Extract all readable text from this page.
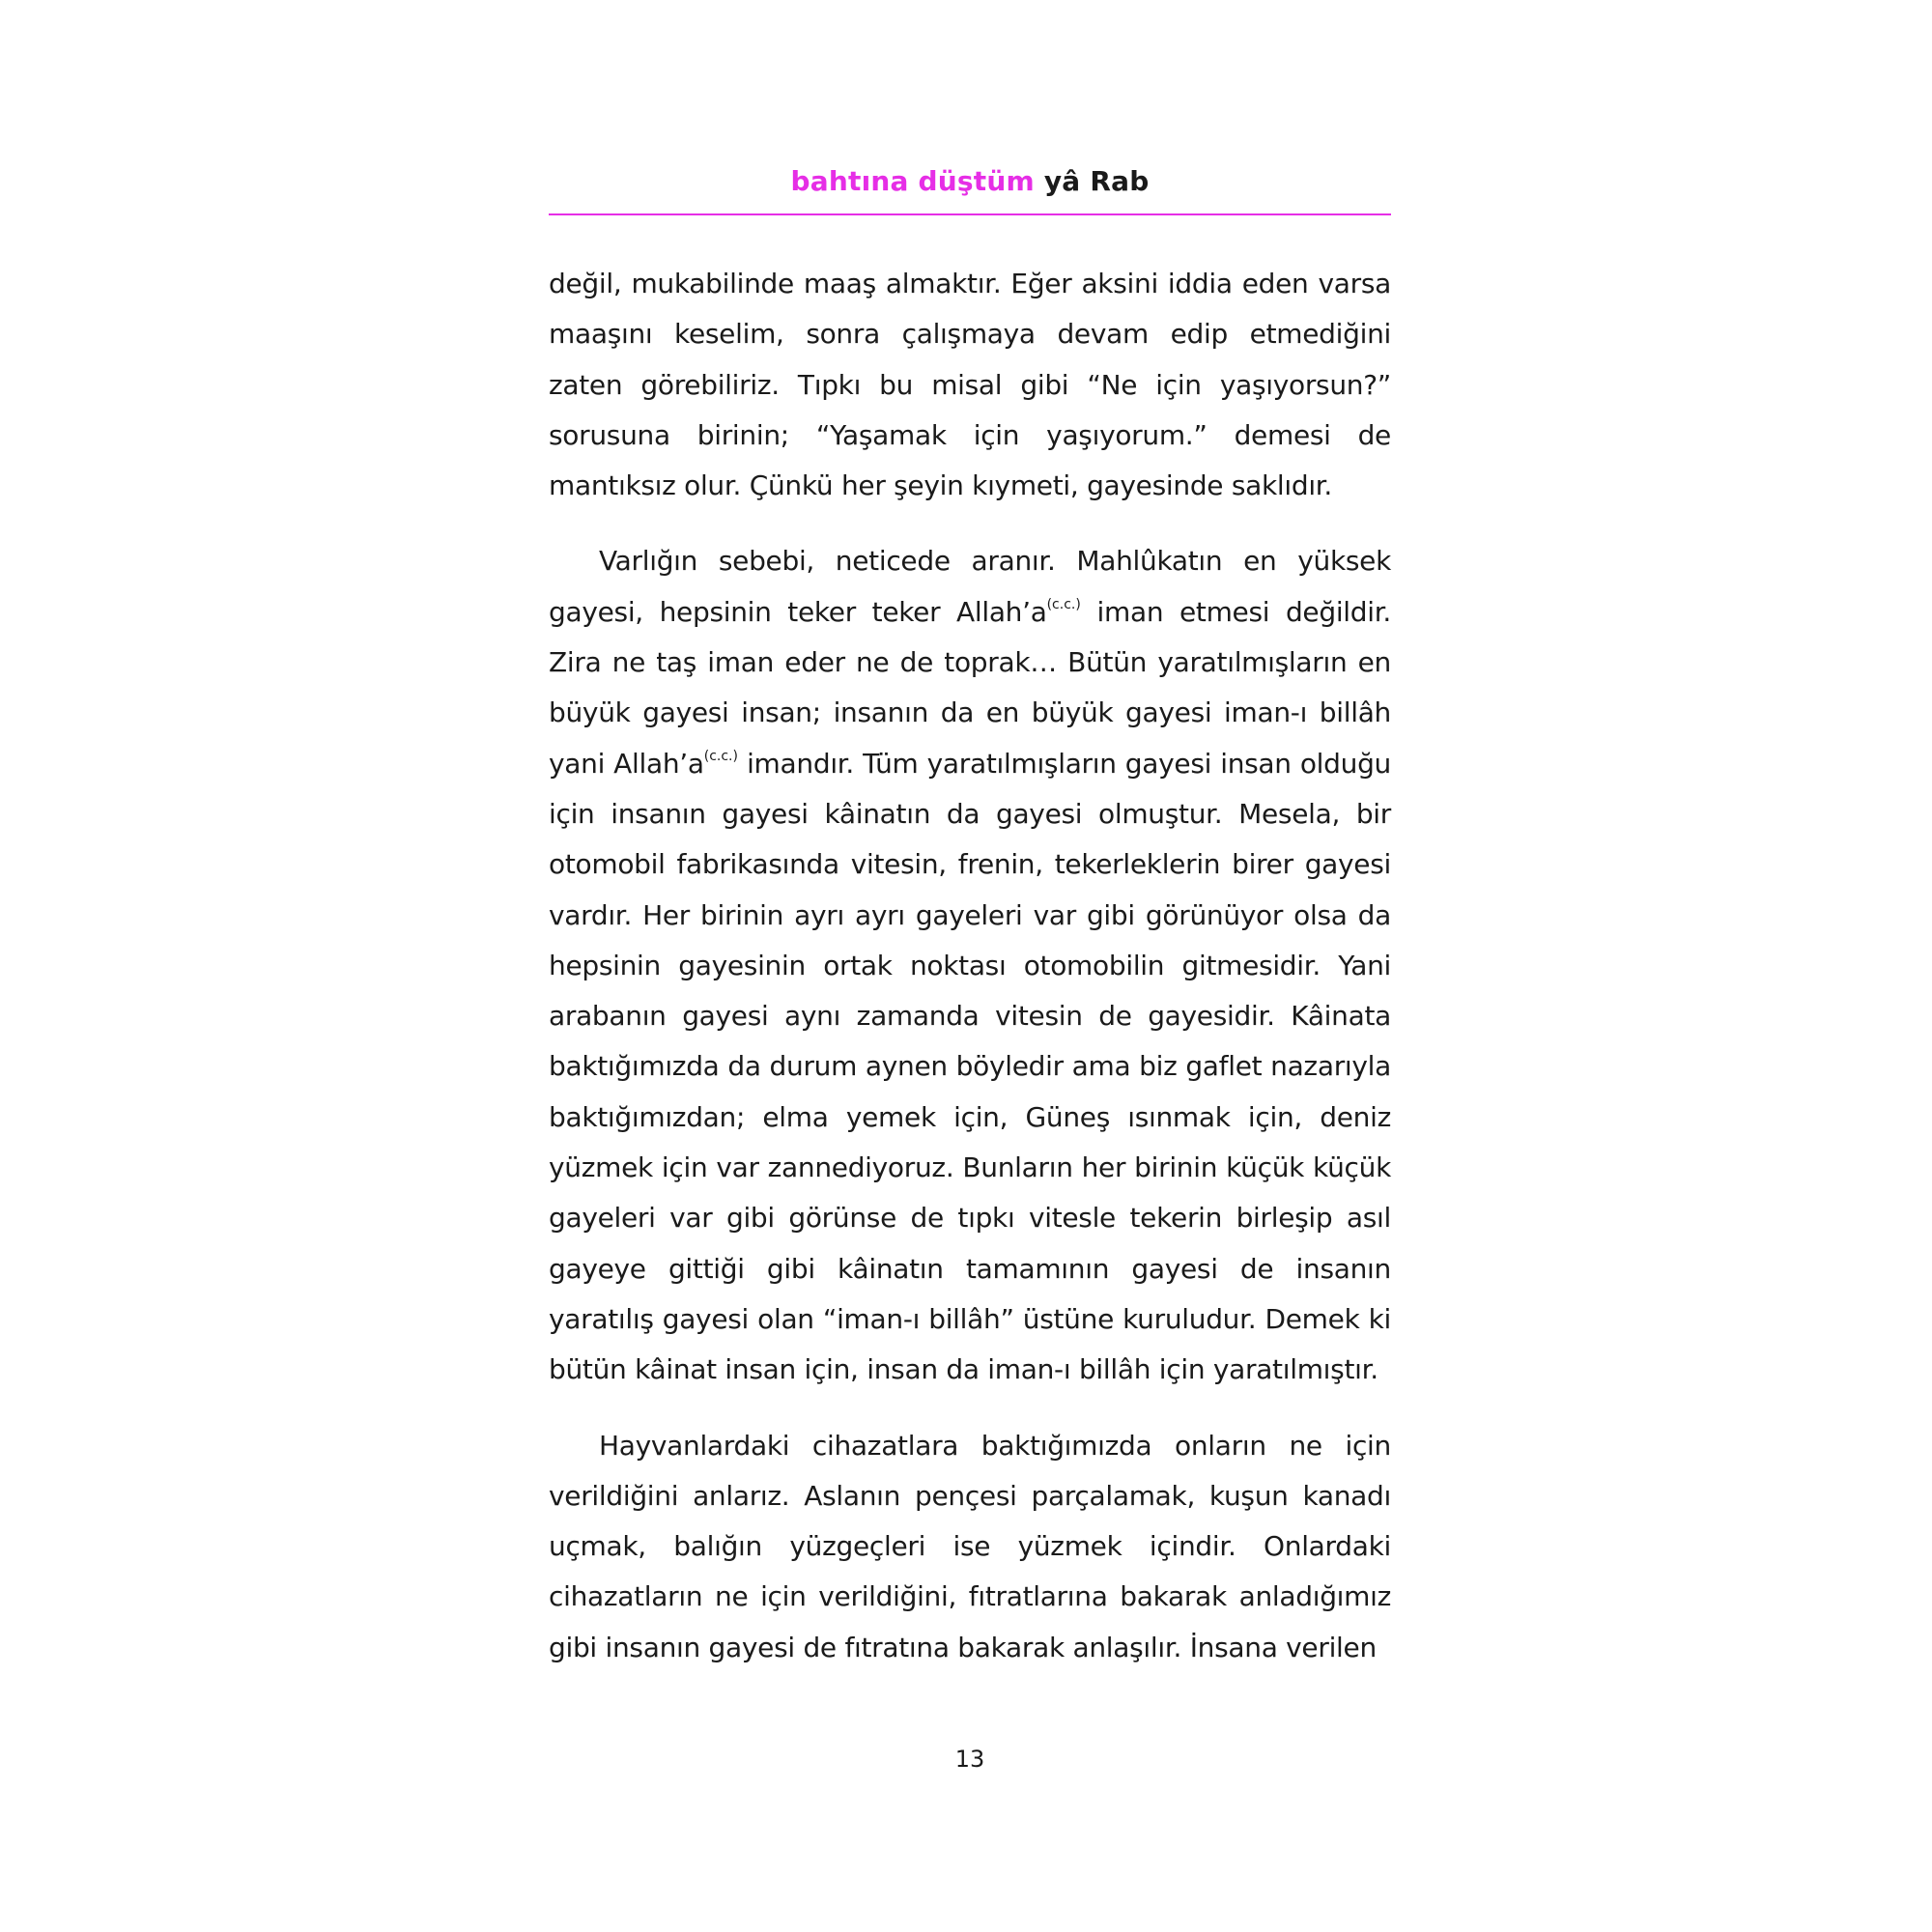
bahtına düştüm yâ Rab

değil, mukabilinde maaş almaktır. Eğer aksini iddia eden varsa maaşını keselim, sonra çalışmaya devam edip etmediğini zaten görebiliriz. Tıpkı bu misal gibi “Ne için yaşıyorsun?” sorusuna birinin; “Yaşamak için yaşıyorum.” demesi de mantıksız olur. Çünkü her şeyin kıymeti, gayesinde saklıdır.

Varlığın sebebi, neticede aranır. Mahlûkatın en yüksek gayesi, hepsinin teker teker $Allah’a^{(c.c.)}$ iman etmesi değildir. Zira ne taş iman eder ne de toprak… Bütün yaratılmışların en büyük gayesi insan; insanın da en büyük gayesi iman-ı billâh yani $Allah’a^{(c.c.)}$ imandır. Tüm yaratılmışların gayesi insan olduğu için insanın gayesi kâinatın da gayesi olmuştur. Mesela, bir otomobil fabrikasında vitesin, frenin, tekerleklerin birer gayesi vardır. Her birinin ayrı ayrı gayeleri var gibi görünüyor olsa da hepsinin gayesinin ortak noktası otomobilin gitmesidir. Yani arabanın gayesi aynı zamanda vitesin de gayesidir. Kâinata baktığımızda da durum aynen böyledir ama biz gaflet nazarıyla baktığımızdan; elma yemek için, Güneş ısınmak için, deniz yüzmek için var zannediyoruz. Bunların her birinin küçük küçük gayeleri var gibi görünse de tıpkı vitesle tekerin birleşip asıl gayeye gittiği gibi kâinatın tamamının gayesi de insanın yaratılış gayesi olan “iman-ı billâh” üstüne kuruludur. Demek ki bütün kâinat insan için, insan da iman-ı billâh için yaratılmıştır.

Hayvanlardaki cihazatlara baktığımızda onların ne için verildiğini anlarız. Aslanın pençesi parçalamak, kuşun kanadı uçmak, balığın yüzgeçleri ise yüzmek içindir. Onlardaki cihazatların ne için verildiğini, fıtratlarına bakarak anladığımız gibi insanın gayesi de fıtratına bakarak anlaşılır. İnsana verilen

13
